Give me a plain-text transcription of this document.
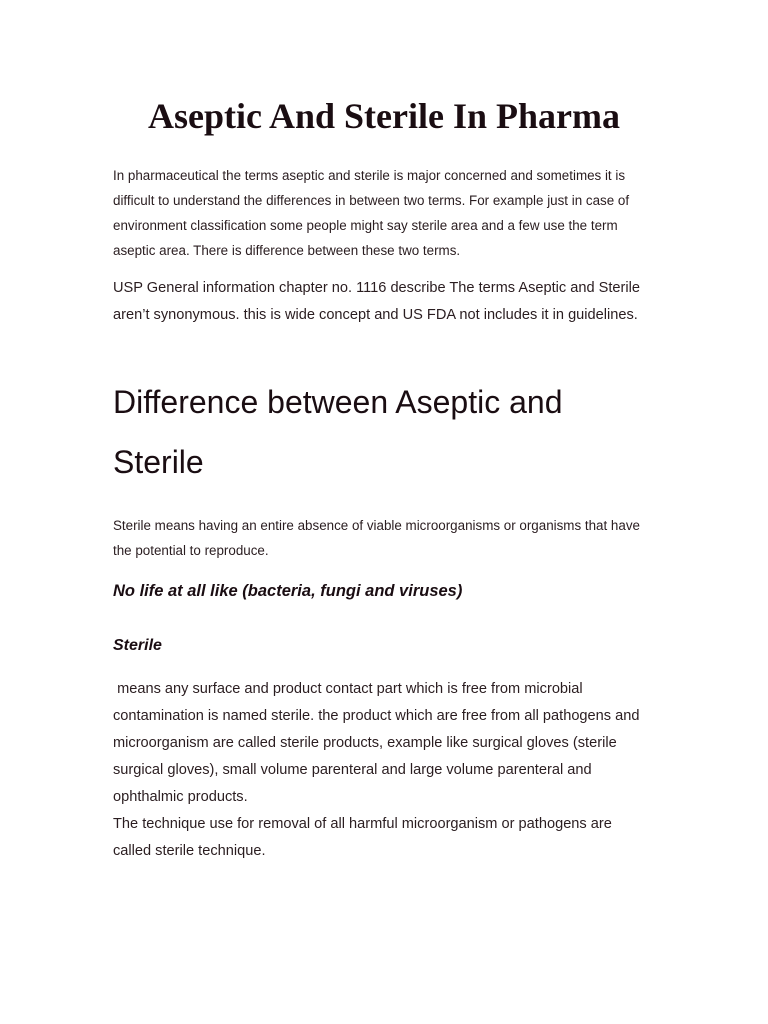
Aseptic And Sterile In Pharma

In pharmaceutical the terms aseptic and sterile is major concerned and sometimes it is difficult to understand the differences in between two terms. For example just in case of environment classification some people might say sterile area and a few use the term aseptic area. There is difference between these two terms.

USP General information chapter no. 1116 describe The terms Aseptic and Sterile aren’t synonymous. this is wide concept and US FDA not includes it in guidelines.

Difference between Aseptic and Sterile

Sterile means having an entire absence of viable microorganisms or organisms that have the potential to reproduce.

No life at all like (bacteria, fungi and viruses)
Sterile
means any surface and product contact part which is free from microbial contamination is named sterile. the product which are free from all pathogens and microorganism are called sterile products, example like surgical gloves (sterile surgical gloves), small volume parenteral and large volume parenteral and ophthalmic products.
The technique use for removal of all harmful microorganism or pathogens are called sterile technique.
